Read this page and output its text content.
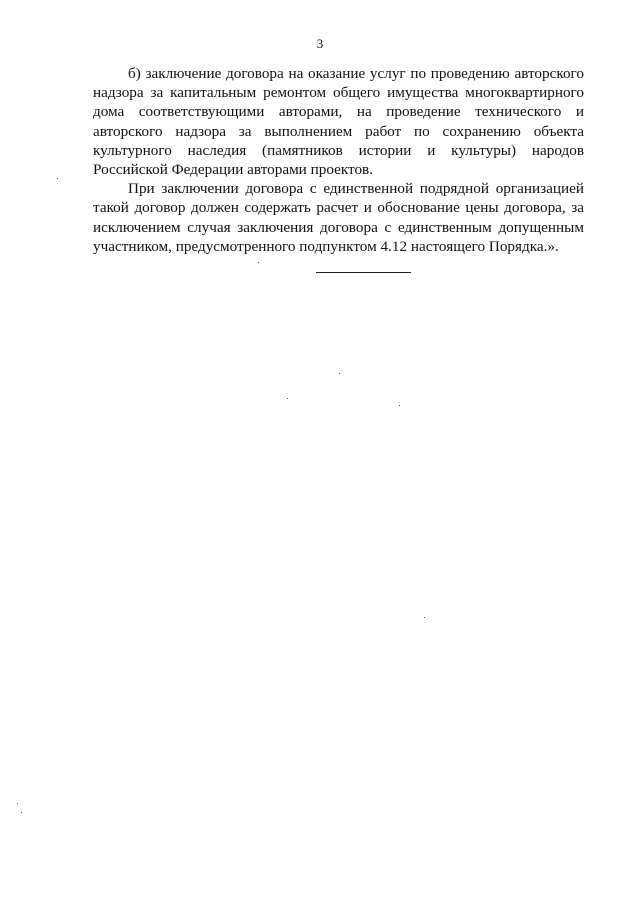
3

б) заключение договора на оказание услуг по проведению авторского надзора за капитальным ремонтом общего имущества многоквартирного дома соответствующими авторами, на проведение технического и авторского надзора за выполнением работ по сохранению объекта культурного наследия (памятников истории и культуры) народов Российской Федерации авторами проектов.

При заключении договора с единственной подрядной организацией такой договор должен содержать расчет и обоснование цены договора, за исключением случая заключения договора с единственным допущенным участником, предусмотренного подпунктом 4.12 настоящего Порядка.».
